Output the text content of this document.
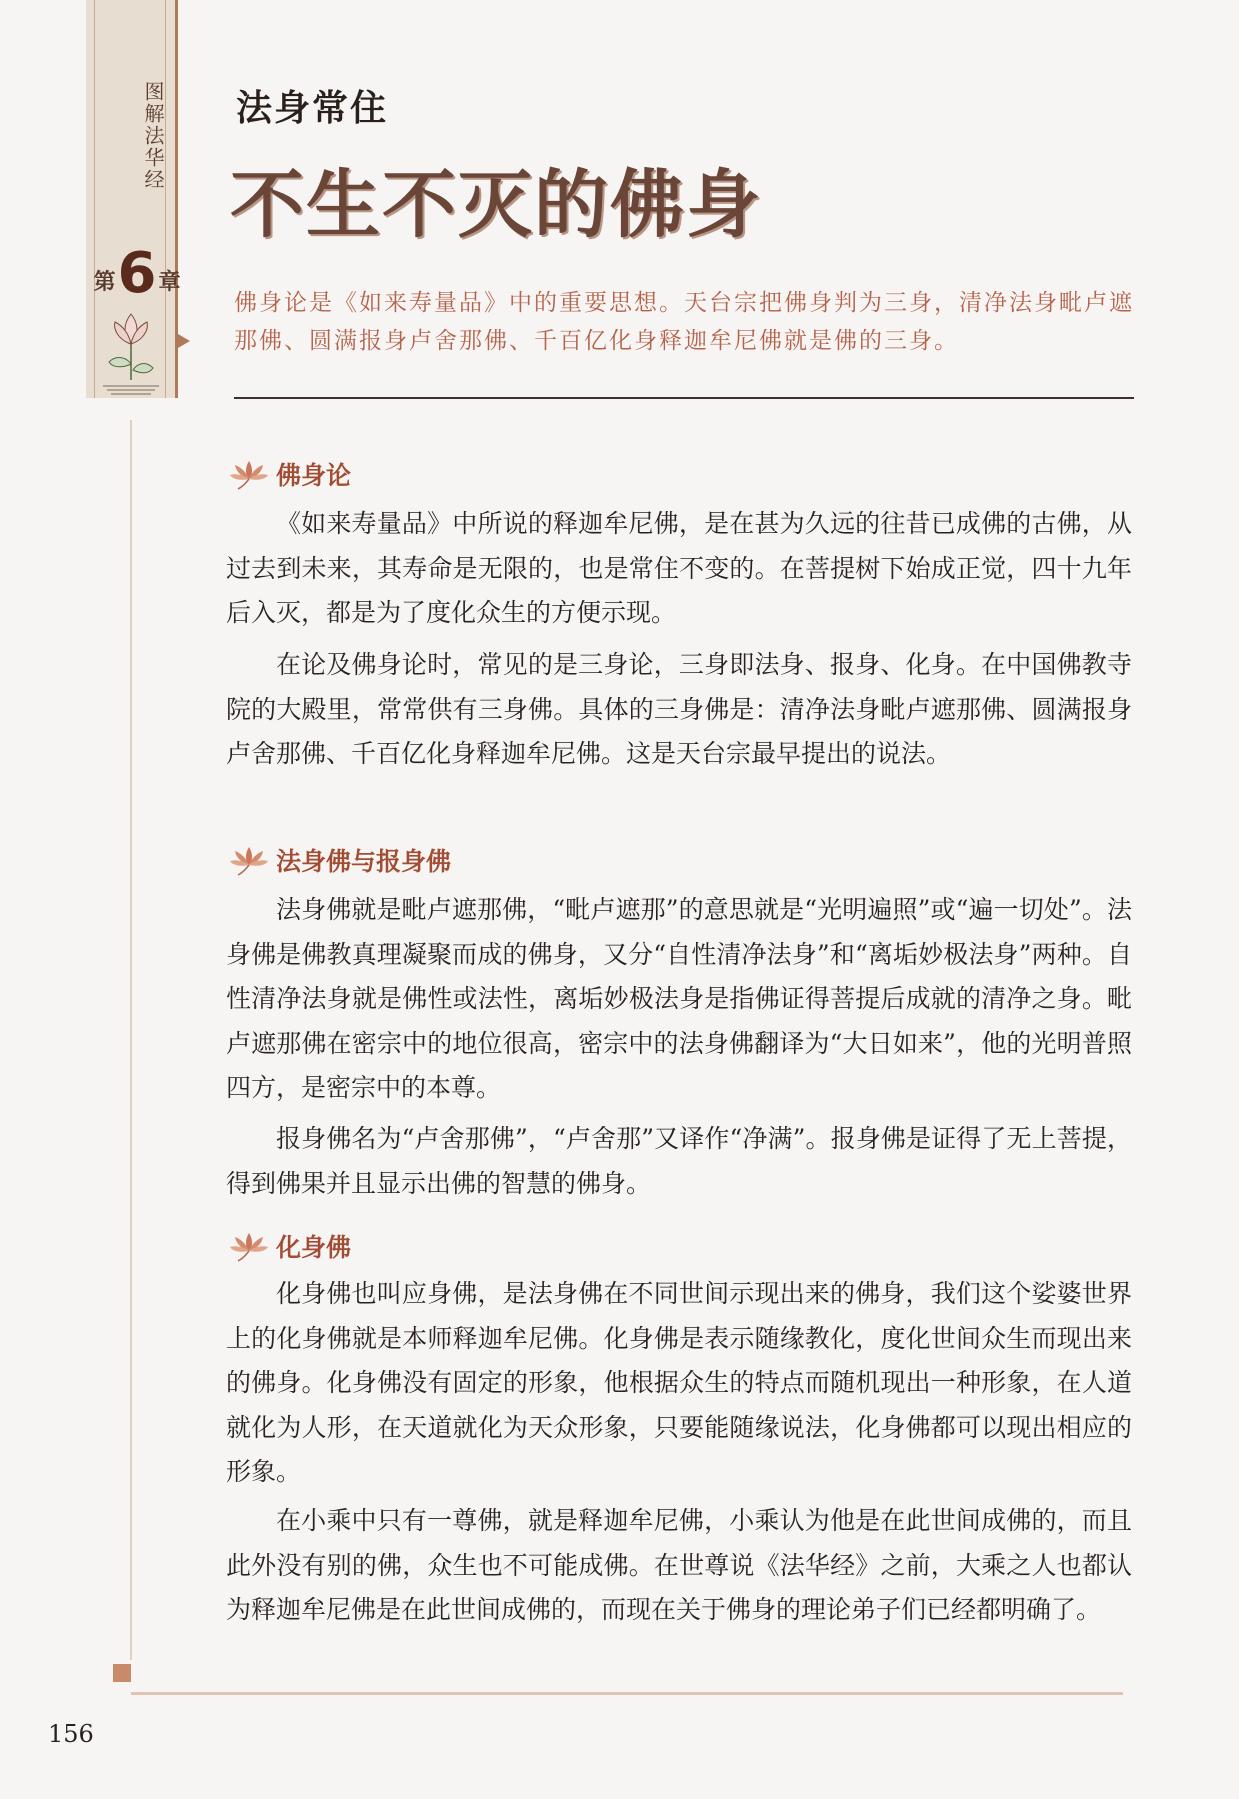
图解法华经
第 6 章
法身常住
不生不灭的佛身
佛身论是《如来寿量品》中的重要思想。天台宗把佛身判为三身，清净法身毗卢遮那佛、圆满报身卢舍那佛、千百亿化身释迦牟尼佛就是佛的三身。
佛身论

《如来寿量品》中所说的释迦牟尼佛，是在甚为久远的往昔已成佛的古佛，从过去到未来，其寿命是无限的，也是常住不变的。在菩提树下始成正觉，四十九年后入灭，都是为了度化众生的方便示现。

在论及佛身论时，常见的是三身论，三身即法身、报身、化身。在中国佛教寺院的大殿里，常常供有三身佛。具体的三身佛是：清净法身毗卢遮那佛、圆满报身卢舍那佛、千百亿化身释迦牟尼佛。这是天台宗最早提出的说法。

法身佛与报身佛

法身佛就是毗卢遮那佛，“毗卢遮那”的意思就是“光明遍照”或“遍一切处”。法身佛是佛教真理凝聚而成的佛身，又分“自性清净法身”和“离垢妙极法身”两种。自性清净法身就是佛性或法性，离垢妙极法身是指佛证得菩提后成就的清净之身。毗卢遮那佛在密宗中的地位很高，密宗中的法身佛翻译为“大日如来”，他的光明普照四方，是密宗中的本尊。

报身佛名为“卢舍那佛”，“卢舍那”又译作“净满”。报身佛是证得了无上菩提，得到佛果并且显示出佛的智慧的佛身。

化身佛

化身佛也叫应身佛，是法身佛在不同世间示现出来的佛身，我们这个娑婆世界上的化身佛就是本师释迦牟尼佛。化身佛是表示随缘教化，度化世间众生而现出来的佛身。化身佛没有固定的形象，他根据众生的特点而随机现出一种形象，在人道就化为人形，在天道就化为天众形象，只要能随缘说法，化身佛都可以现出相应的形象。

在小乘中只有一尊佛，就是释迦牟尼佛，小乘认为他是在此世间成佛的，而且此外没有别的佛，众生也不可能成佛。在世尊说《法华经》之前，大乘之人也都认为释迦牟尼佛是在此世间成佛的，而现在关于佛身的理论弟子们已经都明确了。

156
